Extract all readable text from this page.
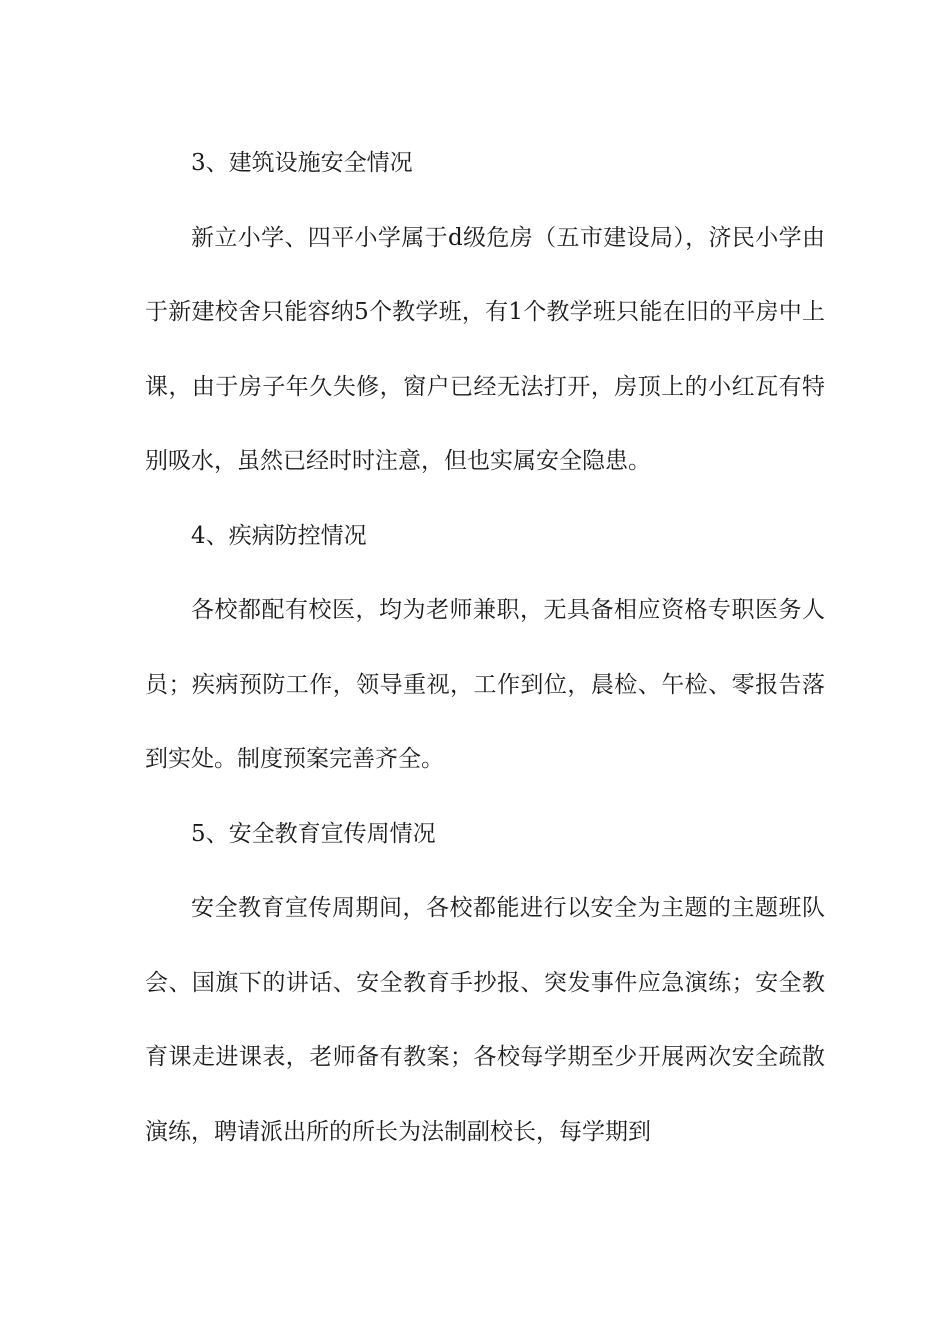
3、建筑设施安全情况

新立小学、四平小学属于d级危房（五市建设局），济民小学由于新建校舍只能容纳5个教学班，有1个教学班只能在旧的平房中上课，由于房子年久失修，窗户已经无法打开，房顶上的小红瓦有特别吸水，虽然已经时时注意，但也实属安全隐患。

4、疾病防控情况

各校都配有校医，均为老师兼职，无具备相应资格专职医务人员；疾病预防工作，领导重视，工作到位，晨检、午检、零报告落到实处。制度预案完善齐全。

5、安全教育宣传周情况

安全教育宣传周期间，各校都能进行以安全为主题的主题班队会、国旗下的讲话、安全教育手抄报、突发事件应急演练；安全教育课走进课表，老师备有教案；各校每学期至少开展两次安全疏散演练，聘请派出所的所长为法制副校长，每学期到
